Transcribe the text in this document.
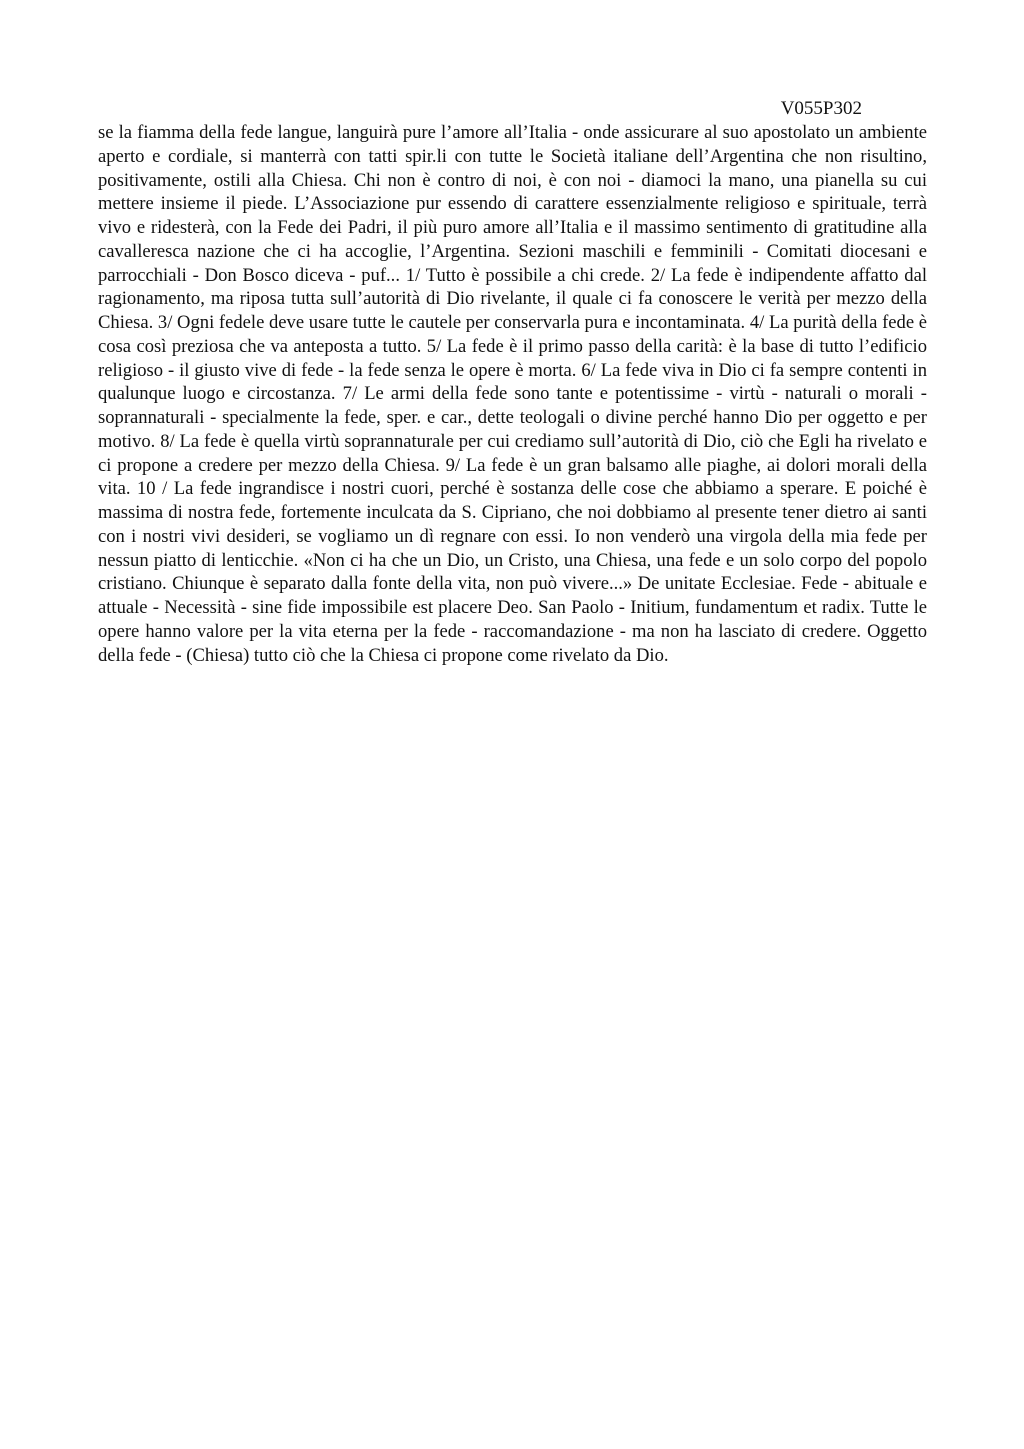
V055P302

se la fiamma della fede langue, languirà pure l’amore all’Italia - onde assicurare al suo apostolato un ambiente aperto e cordiale, si manterrà con tatti spir.li con tutte le Società italiane dell’Argentina che non risultino, positivamente, ostili alla Chiesa. Chi non è contro di noi, è con noi - diamoci la mano, una pianella su cui mettere insieme il piede. L’Associazione pur essendo di carattere essenzialmente religioso e spirituale, terrà vivo e ridesterà, con la Fede dei Padri, il più puro amore all’Italia e il massimo sentimento di gratitudine alla cavalleresca nazione che ci ha accoglie, l’Argentina. Sezioni maschili e femminili - Comitati diocesani e parrocchiali - Don Bosco diceva - puf... 1/ Tutto è possibile a chi crede. 2/ La fede è indipendente affatto dal ragionamento, ma riposa tutta sull’autorità di Dio rivelante, il quale ci fa conoscere le verità per mezzo della Chiesa. 3/ Ogni fedele deve usare tutte le cautele per conservarla pura e incontaminata. 4/ La purità della fede è cosa così preziosa che va anteposta a tutto. 5/ La fede è il primo passo della carità: è la base di tutto l’edificio religioso - il giusto vive di fede - la fede senza le opere è morta. 6/ La fede viva in Dio ci fa sempre contenti in qualunque luogo e circostanza. 7/ Le armi della fede sono tante e potentissime - virtù - naturali o morali - soprannaturali - specialmente la fede, sper. e car., dette teologali o divine perché hanno Dio per oggetto e per motivo. 8/ La fede è quella virtù soprannaturale per cui crediamo sull’autorità di Dio, ciò che Egli ha rivelato e ci propone a credere per mezzo della Chiesa. 9/ La fede è un gran balsamo alle piaghe, ai dolori morali della vita. 10 / La fede ingrandisce i nostri cuori, perché è sostanza delle cose che abbiamo a sperare. E poiché è massima di nostra fede, fortemente inculcata da S. Cipriano, che noi dobbiamo al presente tener dietro ai santi con i nostri vivi desideri, se vogliamo un dì regnare con essi. Io non venderò una virgola della mia fede per nessun piatto di lenticchie. «Non ci ha che un Dio, un Cristo, una Chiesa, una fede e un solo corpo del popolo cristiano. Chiunque è separato dalla fonte della vita, non può vivere...» De unitate Ecclesiae. Fede - abituale e attuale - Necessità - sine fide impossibile est placere Deo. San Paolo - Initium, fundamentum et radix. Tutte le opere hanno valore per la vita eterna per la fede - raccomandazione - ma non ha lasciato di credere. Oggetto della fede - (Chiesa) tutto ciò che la Chiesa ci propone come rivelato da Dio.
